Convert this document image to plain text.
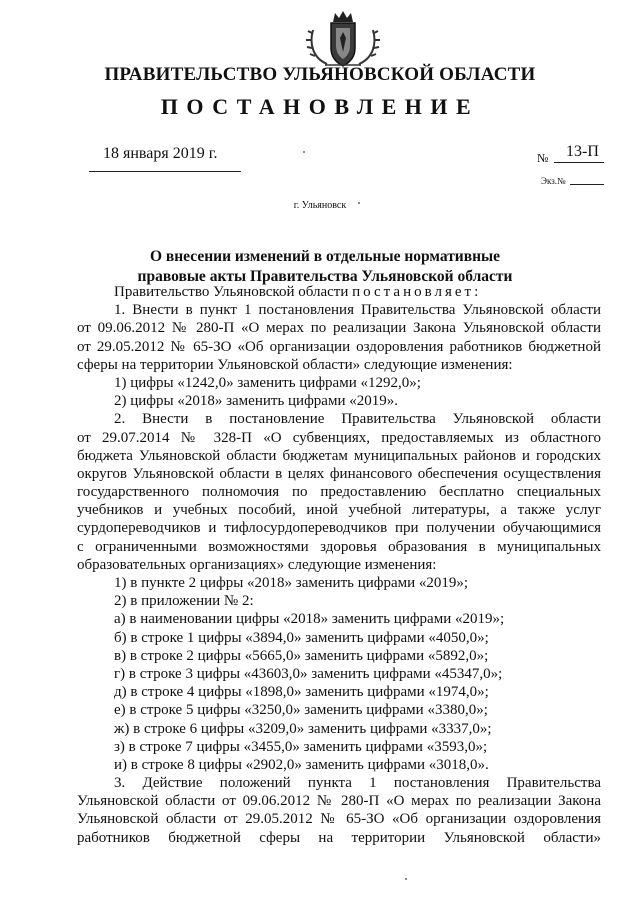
ПРАВИТЕЛЬСТВО УЛЬЯНОВСКОЙ ОБЛАСТИ
ПОСТАНОВЛЕНИЕ
18 января 2019 г.	№ 13-П
Экз.№
г. Ульяновск
О внесении изменений в отдельные нормативные
правовые акты Правительства Ульяновской области
Правительство Ульяновской области постановляет:
1. Внести в пункт 1 постановления Правительства Ульяновской области
от 09.06.2012 № 280-П «О мерах по реализации Закона Ульяновской области
от 29.05.2012 № 65-ЗО «Об организации оздоровления работников бюджетной
сферы на территории Ульяновской области» следующие изменения:
1) цифры «1242,0» заменить цифрами «1292,0»;
2) цифры «2018» заменить цифрами «2019».
2. Внести в постановление Правительства Ульяновской области
от 29.07.2014 № 328-П «О субвенциях, предоставляемых из областного
бюджета Ульяновской области бюджетам муниципальных районов и городских
округов Ульяновской области в целях финансового обеспечения осуществления
государственного полномочия по предоставлению бесплатно специальных
учебников и учебных пособий, иной учебной литературы, а также услуг
сурдопереводчиков и тифлосурдопереводчиков при получении обучающимися
с ограниченными возможностями здоровья образования в муниципальных
образовательных организациях» следующие изменения:
1) в пункте 2 цифры «2018» заменить цифрами «2019»;
2) в приложении № 2:
а) в наименовании цифры «2018» заменить цифрами «2019»;
б) в строке 1 цифры «3894,0» заменить цифрами «4050,0»;
в) в строке 2 цифры «5665,0» заменить цифрами «5892,0»;
г) в строке 3 цифры «43603,0» заменить цифрами «45347,0»;
д) в строке 4 цифры «1898,0» заменить цифрами «1974,0»;
е) в строке 5 цифры «3250,0» заменить цифрами «3380,0»;
ж) в строке 6 цифры «3209,0» заменить цифрами «3337,0»;
з) в строке 7 цифры «3455,0» заменить цифрами «3593,0»;
и) в строке 8 цифры «2902,0» заменить цифрами «3018,0».
3. Действие положений пункта 1 постановления Правительства
Ульяновской области от 09.06.2012 № 280-П «О мерах по реализации Закона
Ульяновской области от 29.05.2012 № 65-ЗО «Об организации оздоровления
работников бюджетной сферы на территории Ульяновской области»
